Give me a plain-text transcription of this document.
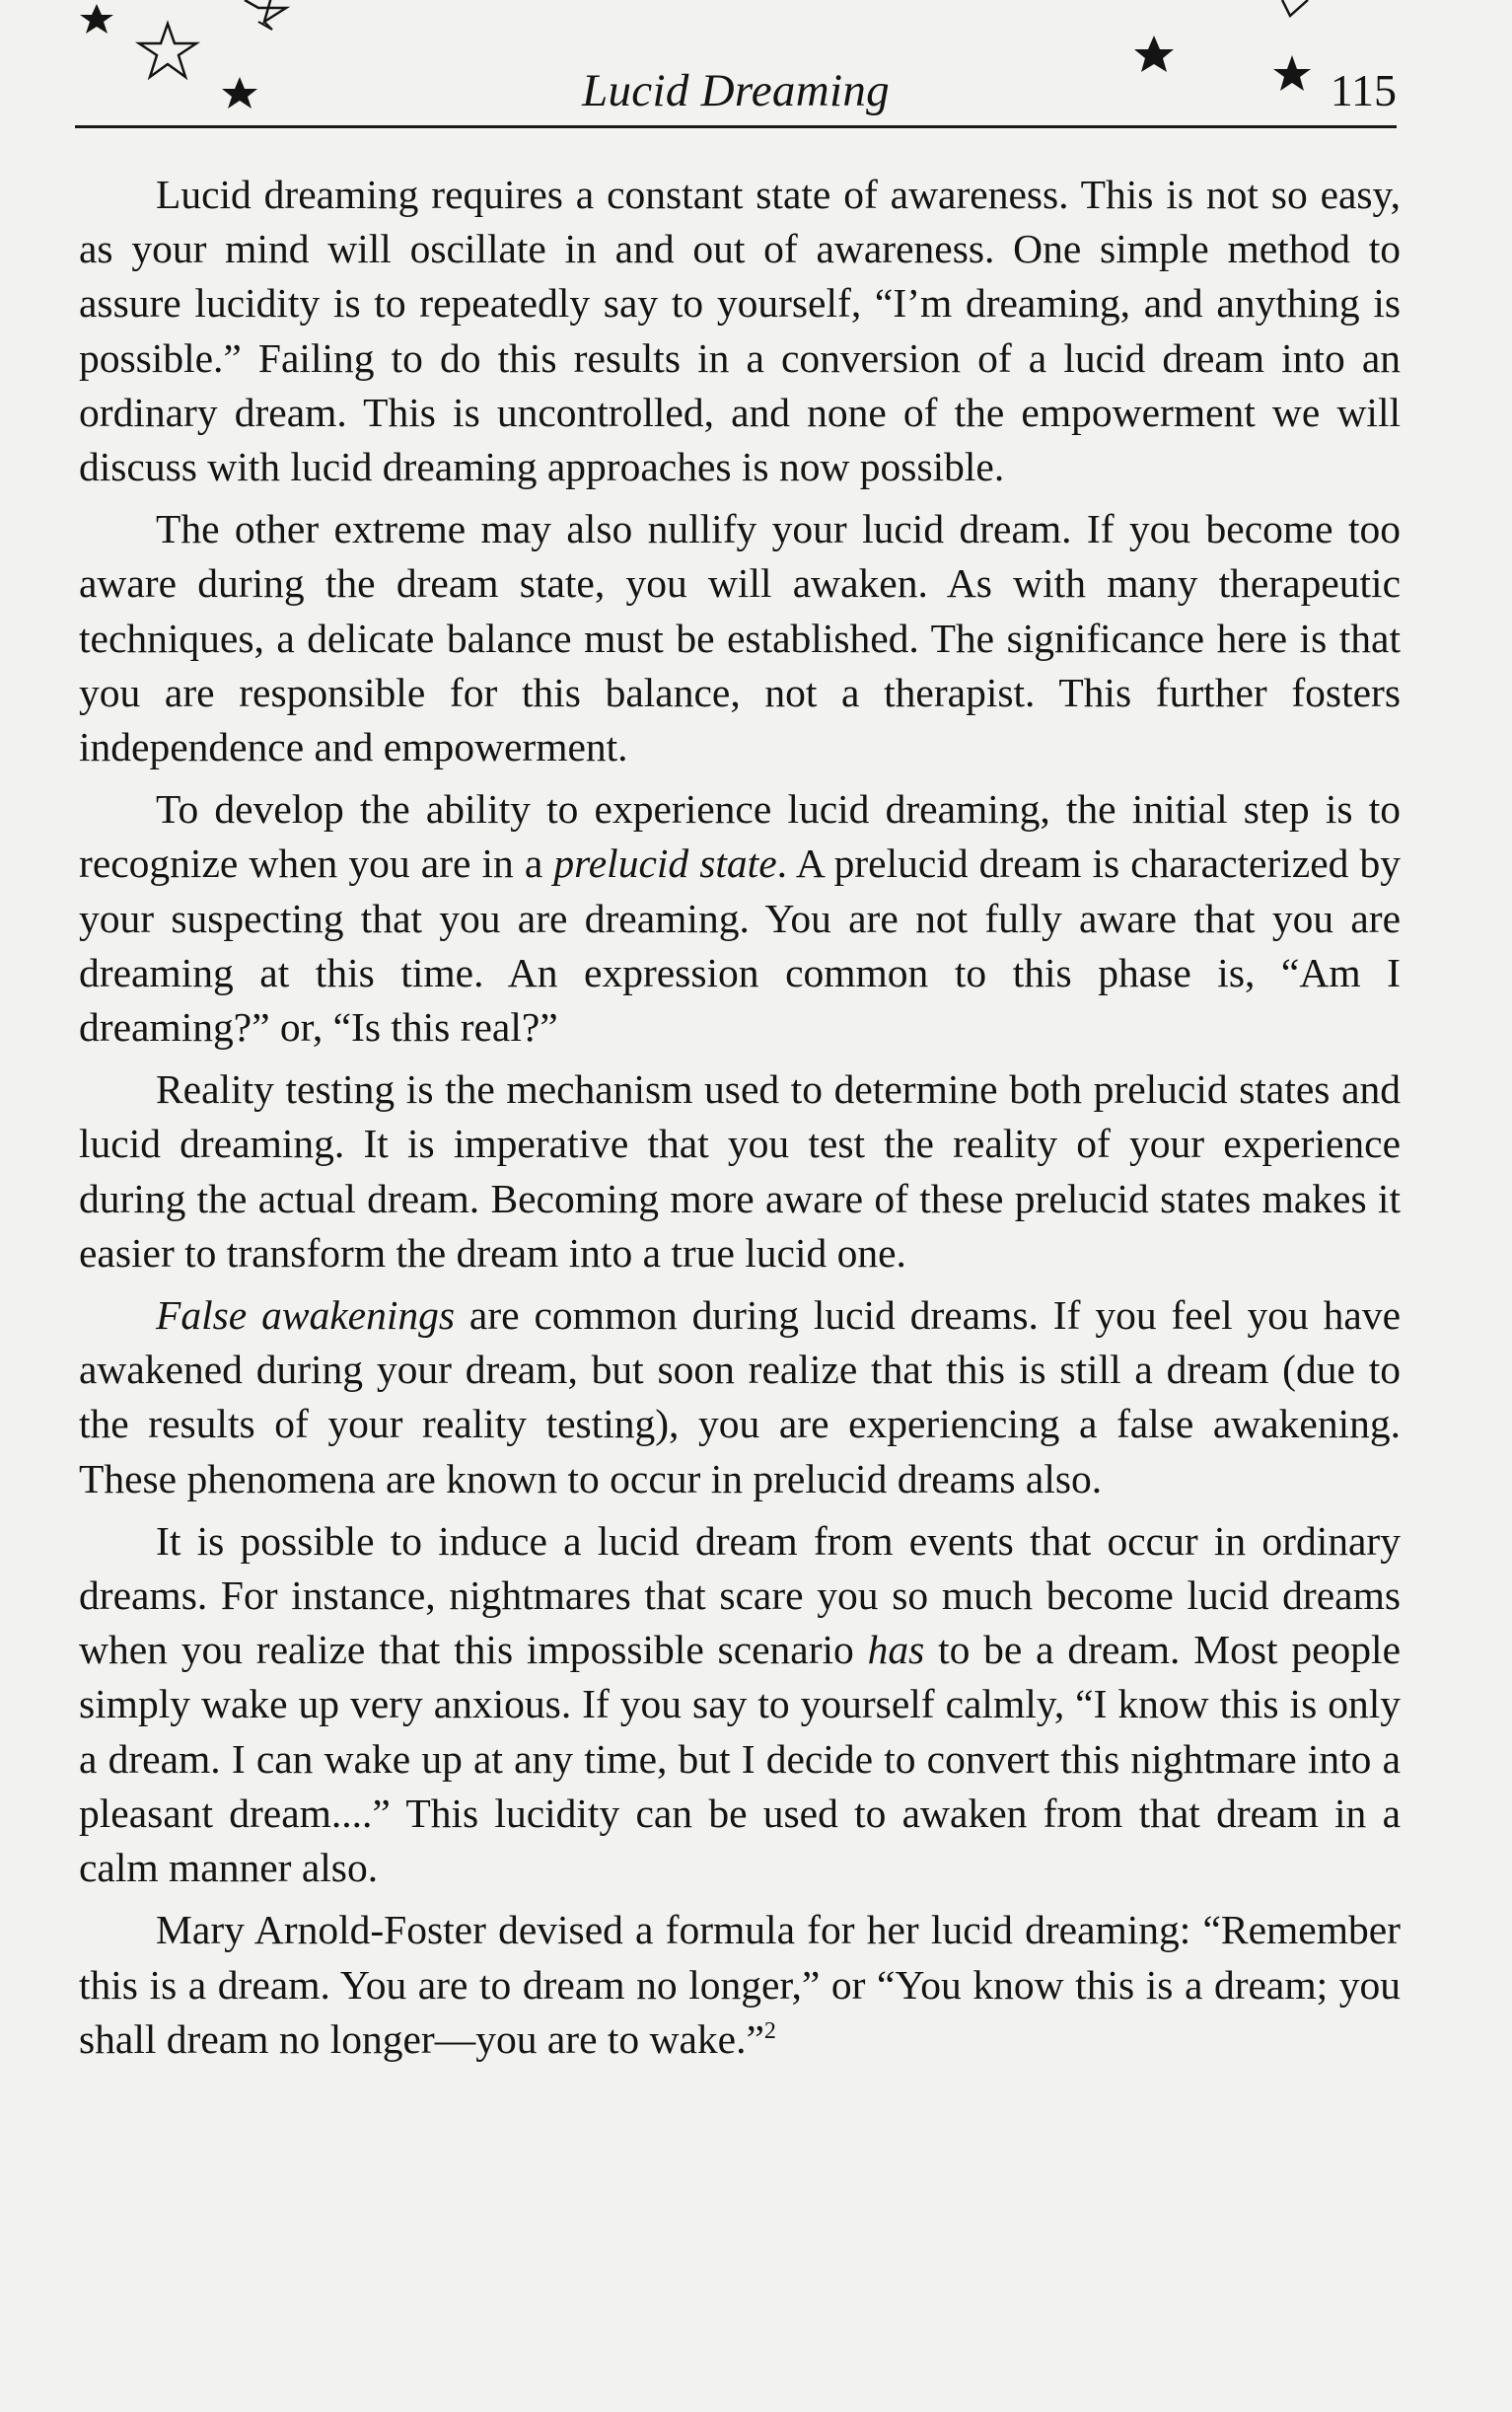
Lucid Dreaming	115

Lucid dreaming requires a constant state of awareness. This is not so easy, as your mind will oscillate in and out of awareness. One simple method to assure lucidity is to repeatedly say to yourself, “I’m dreaming, and anything is possible.” Failing to do this results in a conversion of a lucid dream into an ordinary dream. This is uncontrolled, and none of the empowerment we will discuss with lucid dreaming approaches is now possible.

The other extreme may also nullify your lucid dream. If you become too aware during the dream state, you will awaken. As with many therapeutic techniques, a delicate balance must be established. The significance here is that you are responsible for this balance, not a therapist. This further fosters independence and empowerment.

To develop the ability to experience lucid dreaming, the initial step is to recognize when you are in a prelucid state. A prelucid dream is characterized by your suspecting that you are dreaming. You are not fully aware that you are dreaming at this time. An expression common to this phase is, “Am I dreaming?” or, “Is this real?”

Reality testing is the mechanism used to determine both prelucid states and lucid dreaming. It is imperative that you test the reality of your experience during the actual dream. Becoming more aware of these prelucid states makes it easier to transform the dream into a true lucid one.

False awakenings are common during lucid dreams. If you feel you have awakened during your dream, but soon realize that this is still a dream (due to the results of your reality testing), you are experiencing a false awakening. These phenomena are known to occur in prelucid dreams also.

It is possible to induce a lucid dream from events that occur in ordinary dreams. For instance, nightmares that scare you so much become lucid dreams when you realize that this impossible scenario has to be a dream. Most people simply wake up very anxious. If you say to yourself calmly, “I know this is only a dream. I can wake up at any time, but I decide to convert this nightmare into a pleasant dream....” This lucidity can be used to awaken from that dream in a calm manner also.

Mary Arnold-Foster devised a formula for her lucid dreaming: “Remember this is a dream. You are to dream no longer,” or “You know this is a dream; you shall dream no longer—you are to wake.”$^2$
